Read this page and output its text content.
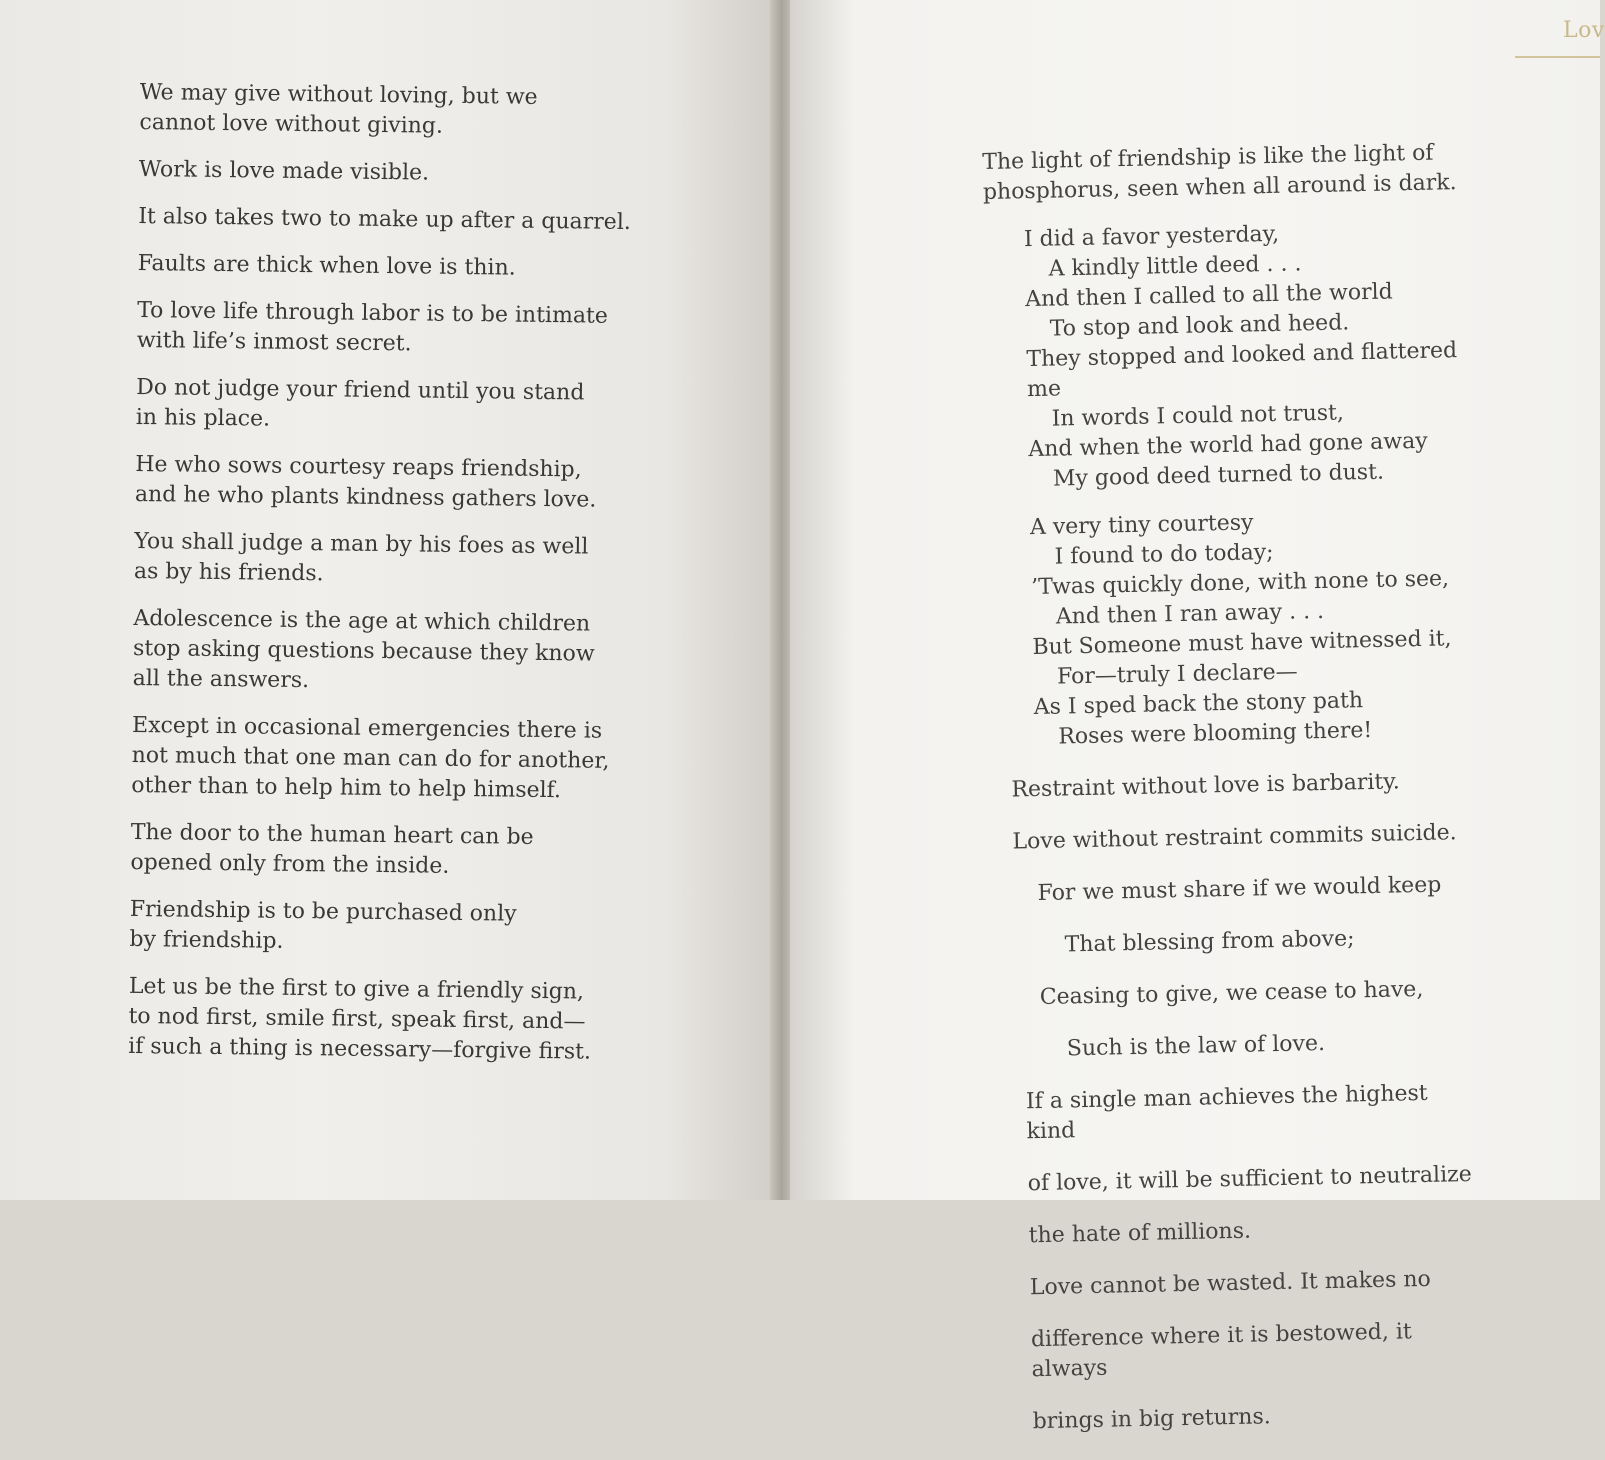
Lov

We may give without loving, but we

cannot love without giving.

Work is love made visible.

It also takes two to make up after a quarrel.

Faults are thick when love is thin.

To love life through labor is to be intimate

with life’s inmost secret.

Do not judge your friend until you stand

in his place.

He who sows courtesy reaps friendship,

and he who plants kindness gathers love.

You shall judge a man by his foes as well

as by his friends.

Adolescence is the age at which children

stop asking questions because they know

all the answers.

Except in occasional emergencies there is

not much that one man can do for another,

other than to help him to help himself.

The door to the human heart can be

opened only from the inside.

Friendship is to be purchased only

by friendship.

Let us be the first to give a friendly sign,

to nod first, smile first, speak first, and—

if such a thing is necessary—forgive first.

The light of friendship is like the light of

phosphorus, seen when all around is dark.

I did a favor yesterday,

A kindly little deed . . .

And then I called to all the world

To stop and look and heed.

They stopped and looked and flattered me

In words I could not trust,

And when the world had gone away

My good deed turned to dust.

A very tiny courtesy

I found to do today;

’Twas quickly done, with none to see,

And then I ran away . . .

But Someone must have witnessed it,

For—truly I declare—

As I sped back the stony path

Roses were blooming there!

Restraint without love is barbarity.

Love without restraint commits suicide.

For we must share if we would keep

That blessing from above;

Ceasing to give, we cease to have,

Such is the law of love.

If a single man achieves the highest kind

of love, it will be sufficient to neutralize

the hate of millions.

Love cannot be wasted. It makes no

difference where it is bestowed, it always

brings in big returns.
